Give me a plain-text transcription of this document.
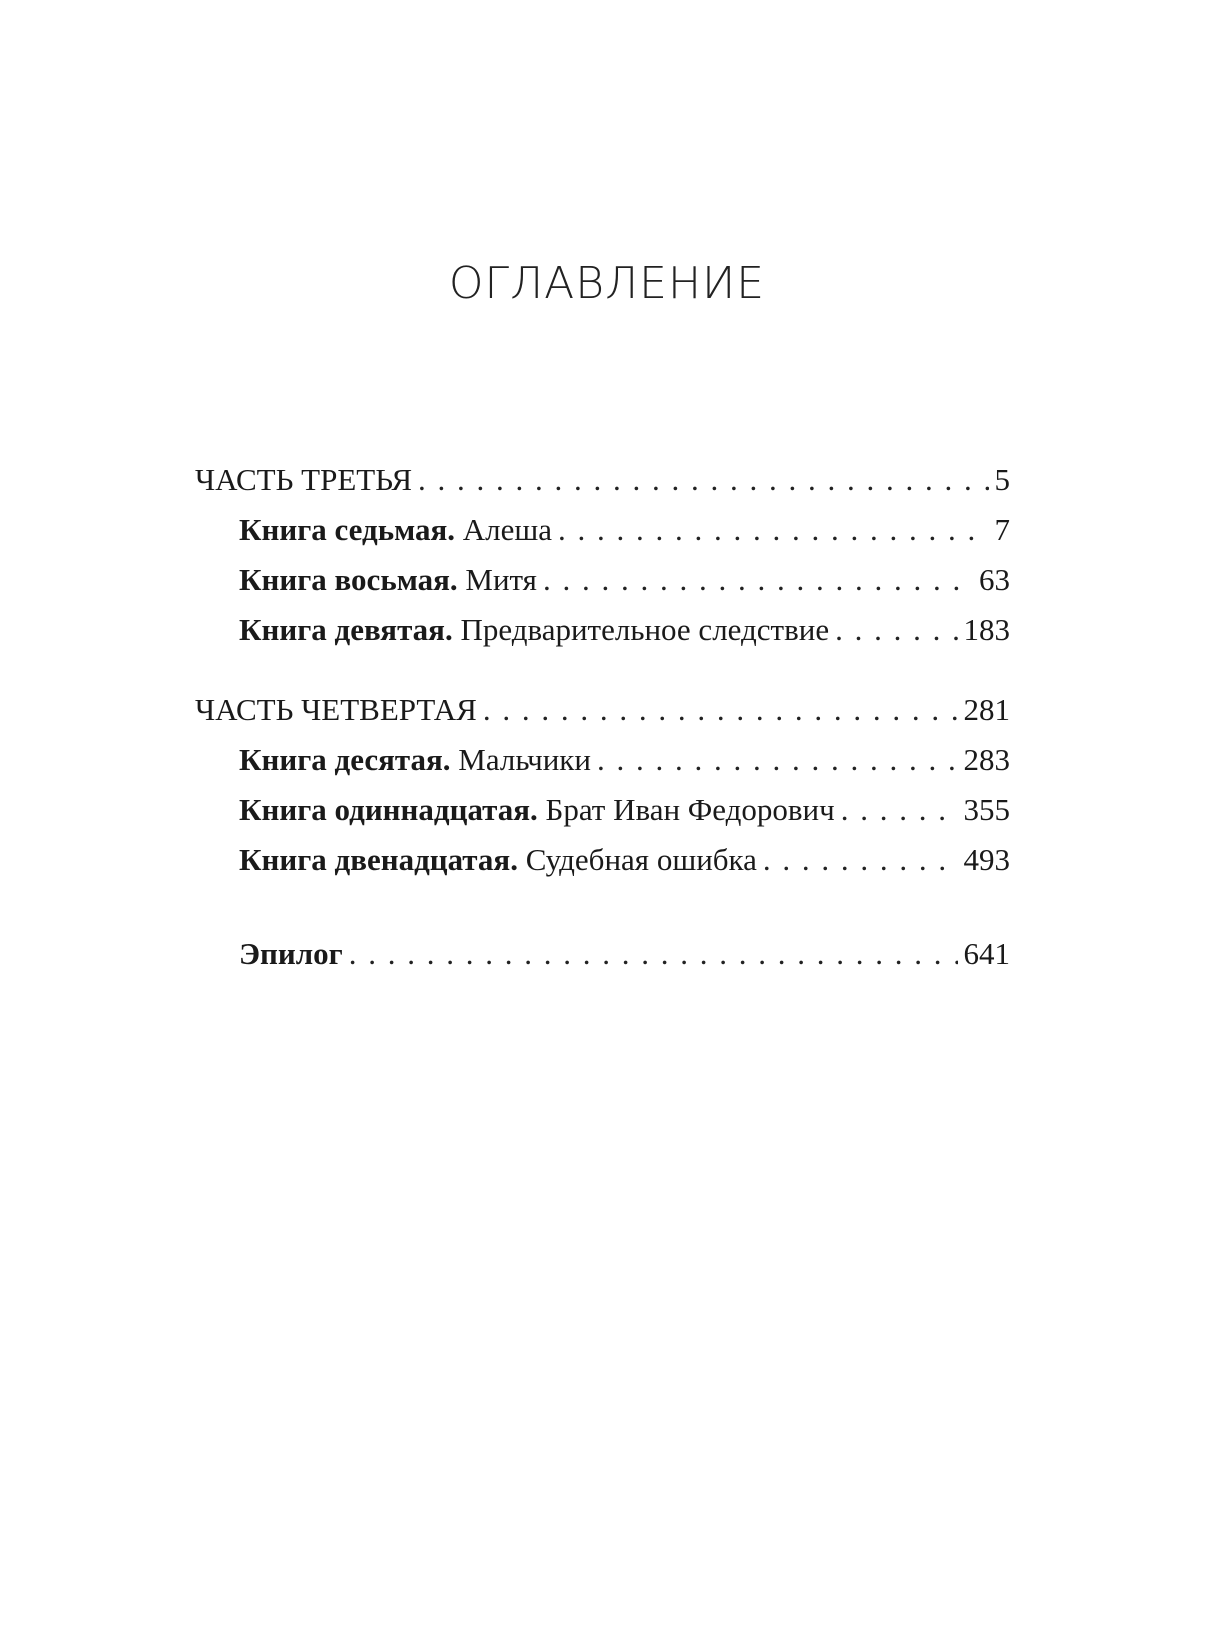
ОГЛАВЛЕНИЕ
ЧАСТЬ ТРЕТЬЯ . . .	5
Книга седьмая. Алеша . . .	7
Книга восьмая. Митя . . .	63
Книга девятая. Предварительное следствие . . .	183
ЧАСТЬ ЧЕТВЕРТАЯ . . .	281
Книга десятая. Мальчики . . .	283
Книга одиннадцатая. Брат Иван Федорович . . .	355
Книга двенадцатая. Судебная ошибка . . .	493
Эпилог . . .	641
